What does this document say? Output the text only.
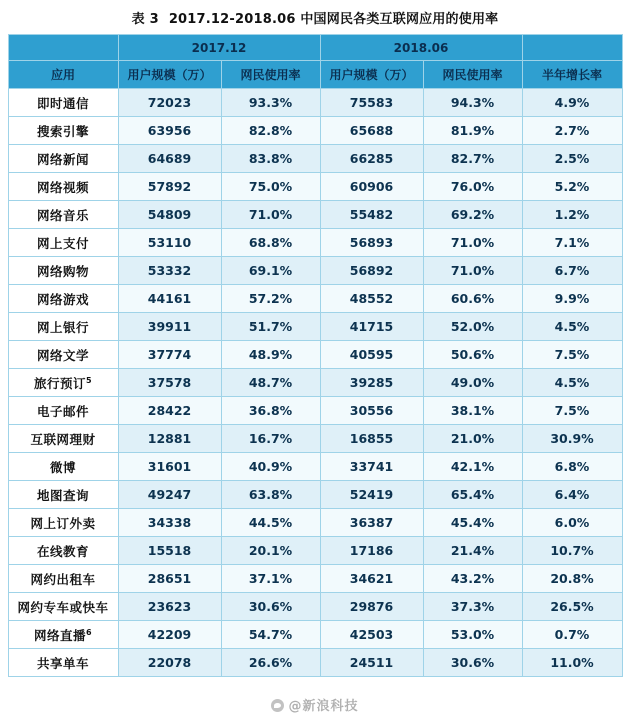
表 3 2017.12-2018.06 中国网民各类互联网应用的使用率
	2017.12		2018.06		
应用	用户规模（万）	网民使用率	用户规模（万）	网民使用率	半年增长率
即时通信	72023	93.3%	75583	94.3%	4.9%
搜索引擎	63956	82.8%	65688	81.9%	2.7%
网络新闻	64689	83.8%	66285	82.7%	2.5%
网络视频	57892	75.0%	60906	76.0%	5.2%
网络音乐	54809	71.0%	55482	69.2%	1.2%
网上支付	53110	68.8%	56893	71.0%	7.1%
网络购物	53332	69.1%	56892	71.0%	6.7%
网络游戏	44161	57.2%	48552	60.6%	9.9%
网上银行	39911	51.7%	41715	52.0%	4.5%
网络文学	37774	48.9%	40595	50.6%	7.5%
旅行预订$^5$	37578	48.7%	39285	49.0%	4.5%
电子邮件	28422	36.8%	30556	38.1%	7.5%
互联网理财	12881	16.7%	16855	21.0%	30.9%
微博	31601	40.9%	33741	42.1%	6.8%
地图查询	49247	63.8%	52419	65.4%	6.4%
网上订外卖	34338	44.5%	36387	45.4%	6.0%
在线教育	15518	20.1%	17186	21.4%	10.7%
网约出租车	28651	37.1%	34621	43.2%	20.8%
网约专车或快车	23623	30.6%	29876	37.3%	26.5%
网络直播$^6$	42209	54.7%	42503	53.0%	0.7%
共享单车	22078	26.6%	24511	30.6%	11.0%
@新浪科技
